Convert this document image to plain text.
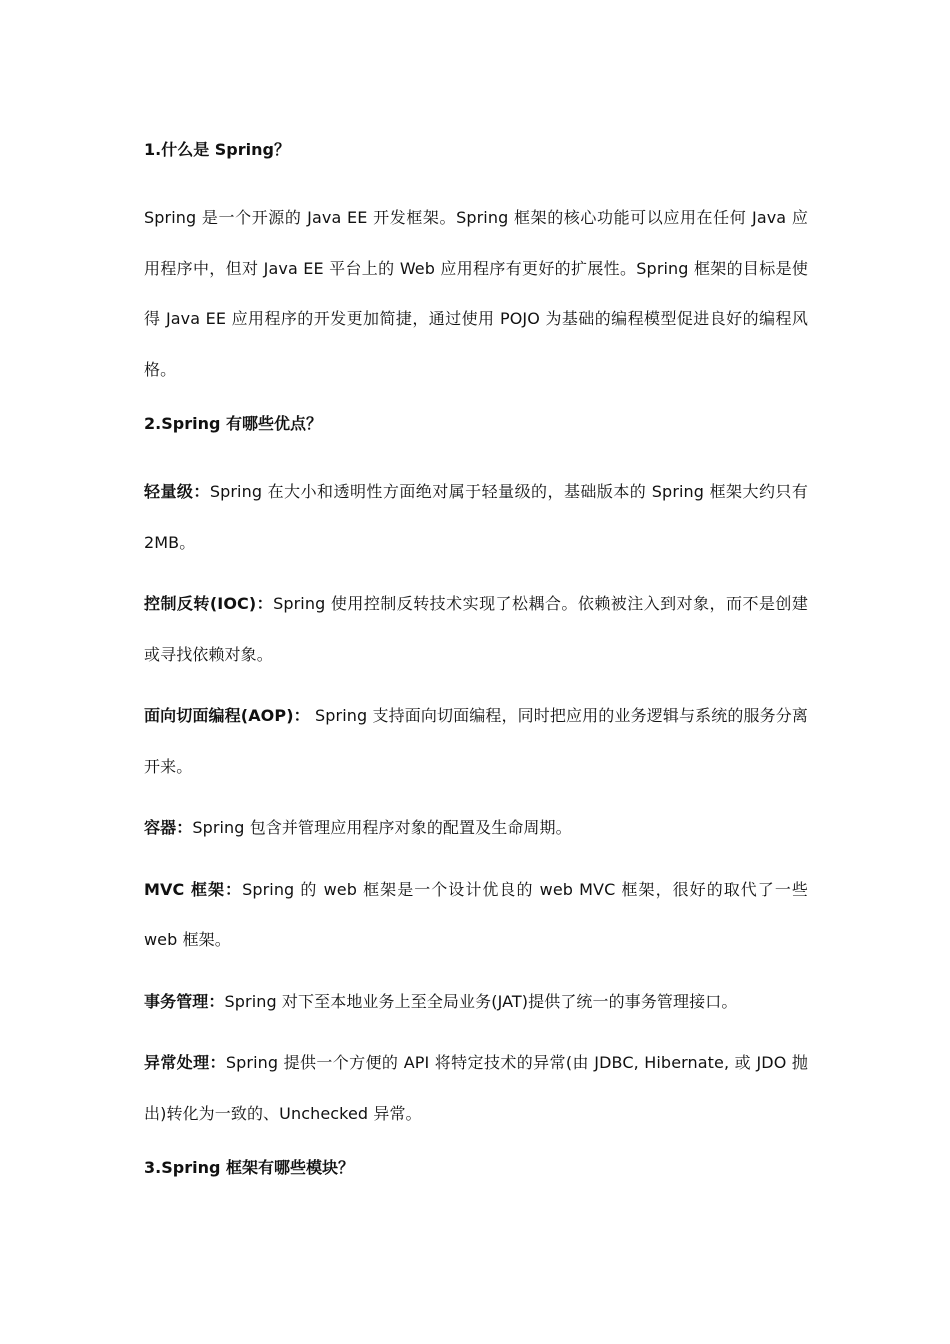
1.什么是 Spring？

Spring 是一个开源的 Java EE 开发框架。Spring 框架的核心功能可以应用在任何 Java 应用程序中，但对 Java EE 平台上的 Web 应用程序有更好的扩展性。Spring 框架的目标是使得 Java EE 应用程序的开发更加简捷，通过使用 POJO 为基础的编程模型促进良好的编程风格。

2.Spring 有哪些优点？

轻量级：Spring 在大小和透明性方面绝对属于轻量级的，基础版本的 Spring 框架大约只有 2MB。

控制反转(IOC)：Spring 使用控制反转技术实现了松耦合。依赖被注入到对象，而不是创建或寻找依赖对象。

面向切面编程(AOP)： Spring 支持面向切面编程，同时把应用的业务逻辑与系统的服务分离开来。

容器：Spring 包含并管理应用程序对象的配置及生命周期。

MVC 框架：Spring 的 web 框架是一个设计优良的 web MVC 框架，很好的取代了一些 web 框架。

事务管理：Spring 对下至本地业务上至全局业务(JAT)提供了统一的事务管理接口。

异常处理：Spring 提供一个方便的 API 将特定技术的异常(由 JDBC, Hibernate, 或 JDO 抛出)转化为一致的、Unchecked 异常。

3.Spring 框架有哪些模块？
